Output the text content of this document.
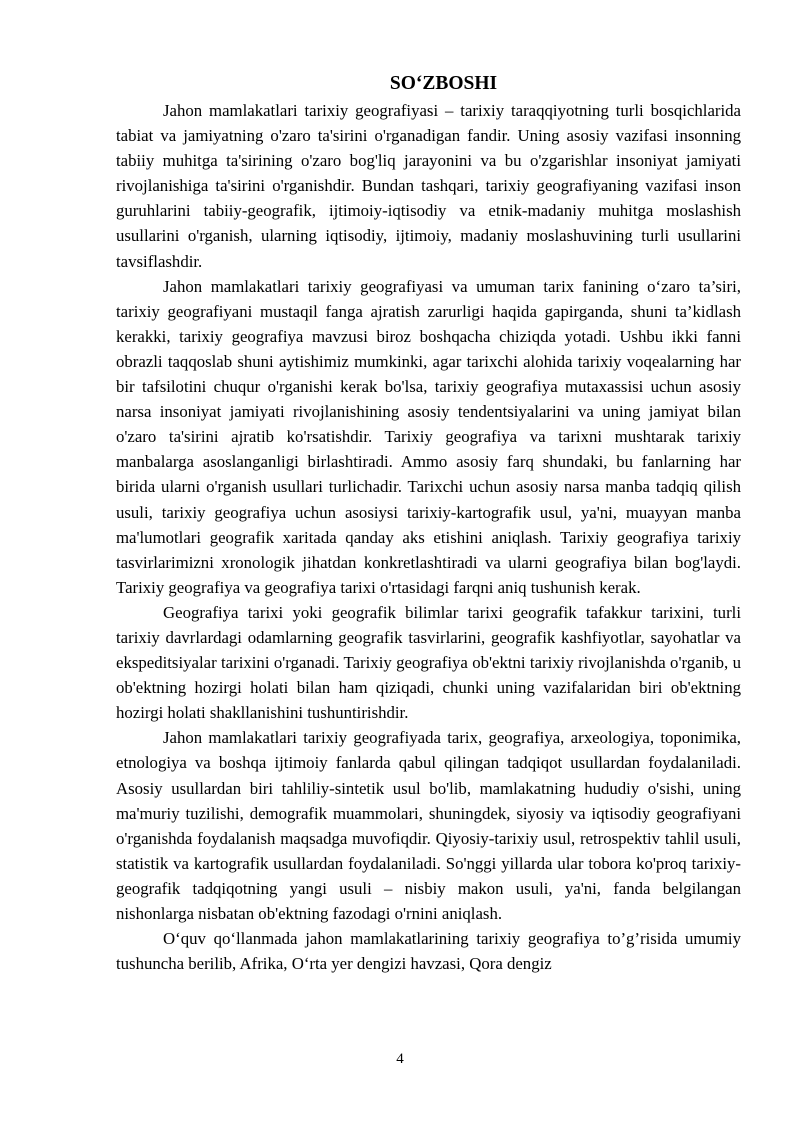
SO‘ZBOSHI

Jahon mamlakatlari tarixiy geografiyasi – tarixiy taraqqiyotning turli bosqichlarida tabiat va jamiyatning o'zaro ta'sirini o'rganadigan fandir. Uning asosiy vazifasi insonning tabiiy muhitga ta'sirining o'zaro bog'liq jarayonini va bu o'zgarishlar insoniyat jamiyati rivojlanishiga ta'sirini o'rganishdir. Bundan tashqari, tarixiy geografiyaning vazifasi inson guruhlarini tabiiy-geografik, ijtimoiy-iqtisodiy va etnik-madaniy muhitga moslashish usullarini o'rganish, ularning iqtisodiy, ijtimoiy, madaniy moslashuvining turli usullarini tavsiflashdir.

Jahon mamlakatlari tarixiy geografiyasi va umuman tarix fanining o‘zaro ta’siri, tarixiy geografiyani mustaqil fanga ajratish zarurligi haqida gapirganda, shuni ta’kidlash kerakki, tarixiy geografiya mavzusi biroz boshqacha chiziqda yotadi. Ushbu ikki fanni obrazli taqqoslab shuni aytishimiz mumkinki, agar tarixchi alohida tarixiy voqealarning har bir tafsilotini chuqur o'rganishi kerak bo'lsa, tarixiy geografiya mutaxassisi uchun asosiy narsa insoniyat jamiyati rivojlanishining asosiy tendentsiyalarini va uning jamiyat bilan o'zaro ta'sirini ajratib ko'rsatishdir. Tarixiy geografiya va tarixni mushtarak tarixiy manbalarga asoslanganligi birlashtiradi. Ammo asosiy farq shundaki, bu fanlarning har birida ularni o'rganish usullari turlichadir. Tarixchi uchun asosiy narsa manba tadqiq qilish usuli, tarixiy geografiya uchun asosiysi tarixiy-kartografik usul, ya'ni, muayyan manba ma'lumotlari geografik xaritada qanday aks etishini aniqlash. Tarixiy geografiya tarixiy tasvirlarimizni xronologik jihatdan konkretlashtiradi va ularni geografiya bilan bog'laydi. Tarixiy geografiya va geografiya tarixi o'rtasidagi farqni aniq tushunish kerak.

Geografiya tarixi yoki geografik bilimlar tarixi geografik tafakkur tarixini, turli tarixiy davrlardagi odamlarning geografik tasvirlarini, geografik kashfiyotlar, sayohatlar va ekspeditsiyalar tarixini o'rganadi. Tarixiy geografiya ob'ektni tarixiy rivojlanishda o'rganib, u ob'ektning hozirgi holati bilan ham qiziqadi, chunki uning vazifalaridan biri ob'ektning hozirgi holati shakllanishini tushuntirishdir.

Jahon mamlakatlari tarixiy geografiyada tarix, geografiya, arxeologiya, toponimika, etnologiya va boshqa ijtimoiy fanlarda qabul qilingan tadqiqot usullardan foydalaniladi. Asosiy usullardan biri tahliliy-sintetik usul bo'lib, mamlakatning hududiy o'sishi, uning ma'muriy tuzilishi, demografik muammolari, shuningdek, siyosiy va iqtisodiy geografiyani o'rganishda foydalanish maqsadga muvofiqdir. Qiyosiy-tarixiy usul, retrospektiv tahlil usuli, statistik va kartografik usullardan foydalaniladi. So'nggi yillarda ular tobora ko'proq tarixiy-geografik tadqiqotning yangi usuli – nisbiy makon usuli, ya'ni, fanda belgilangan nishonlarga nisbatan ob'ektning fazodagi o'rnini aniqlash.

O‘quv qo‘llanmada jahon mamlakatlarining tarixiy geografiya to’g’risida umumiy tushuncha berilib, Afrika, O‘rta yer dengizi havzasi, Qora dengiz

4
